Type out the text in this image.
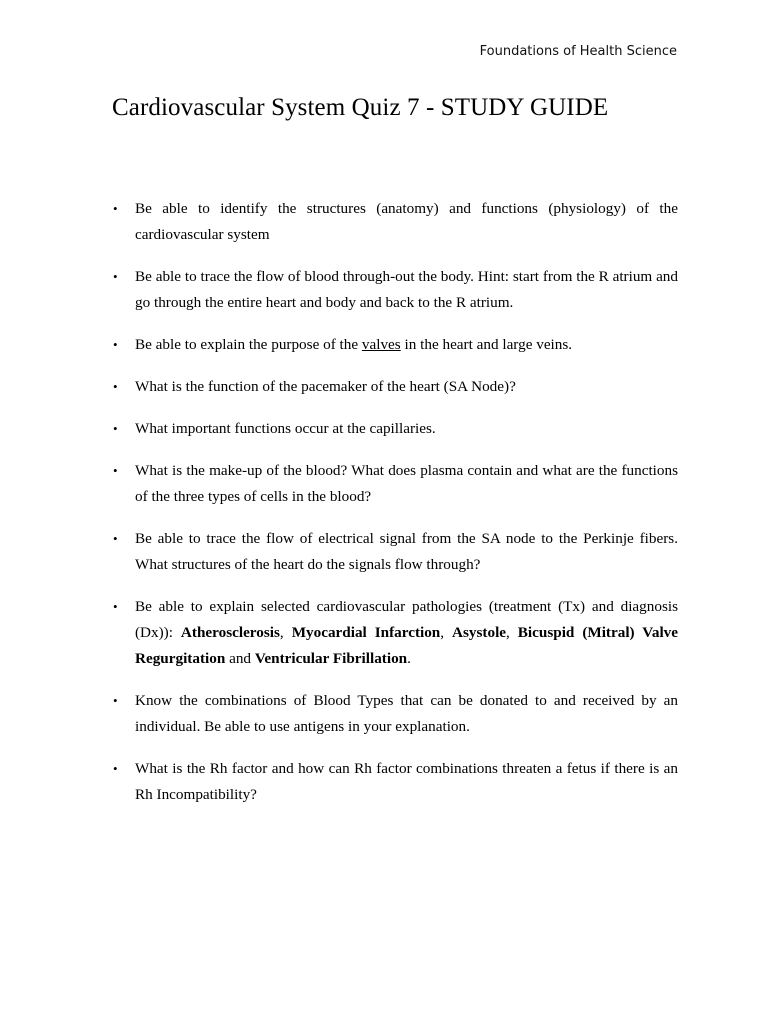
Foundations of Health Science
Cardiovascular System Quiz 7 - STUDY GUIDE
•	Be able to identify the structures (anatomy) and functions (physiology) of the cardiovascular system
•	Be able to trace the flow of blood through-out the body. Hint: start from the R atrium and go through the entire heart and body and back to the R atrium.
•	Be able to explain the purpose of the valves in the heart and large veins.
•	What is the function of the pacemaker of the heart (SA Node)?
•	What important functions occur at the capillaries.
•	What is the make-up of the blood? What does plasma contain and what are the functions of the three types of cells in the blood?
•	Be able to trace the flow of electrical signal from the SA node to the Perkinje fibers. What structures of the heart do the signals flow through?
•	Be able to explain selected cardiovascular pathologies (treatment (Tx) and diagnosis (Dx)): Atherosclerosis, Myocardial Infarction, Asystole, Bicuspid (Mitral) Valve Regurgitation and Ventricular Fibrillation.
•	Know the combinations of Blood Types that can be donated to and received by an individual. Be able to use antigens in your explanation.
•	What is the Rh factor and how can Rh factor combinations threaten a fetus if there is an Rh Incompatibility?
